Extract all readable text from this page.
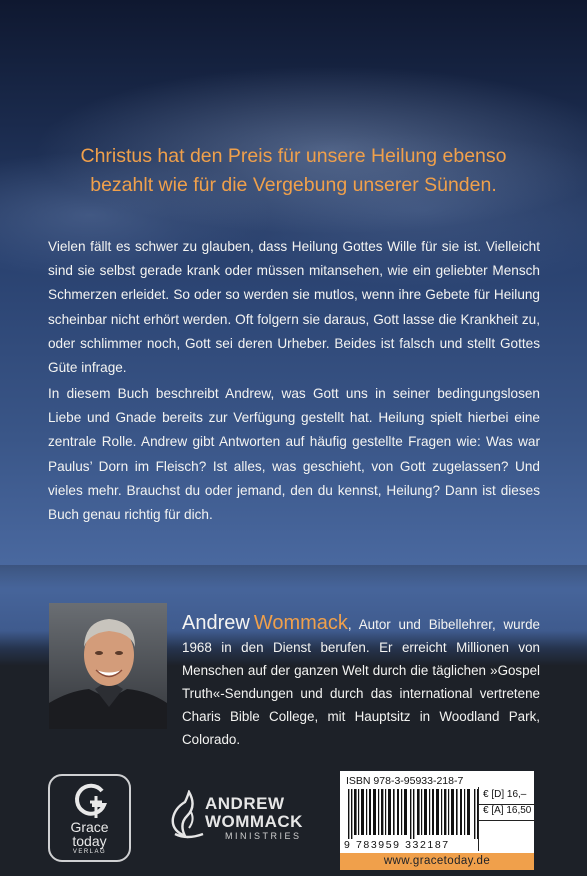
Christus hat den Preis für unsere Heilung ebenso
bezahlt wie für die Vergebung unserer Sünden.

Vielen fällt es schwer zu glauben, dass Heilung Gottes Wille für sie ist. Vielleicht sind sie selbst gerade krank oder müssen mitansehen, wie ein geliebter Mensch Schmerzen erleidet. So oder so werden sie mutlos, wenn ihre Gebete für Heilung scheinbar nicht erhört werden. Oft folgern sie daraus, Gott lasse die Krankheit zu, oder schlimmer noch, Gott sei deren Urheber. Beides ist falsch und stellt Gottes Güte infrage.

In diesem Buch beschreibt Andrew, was Gott uns in seiner bedingungslosen Liebe und Gnade bereits zur Verfügung gestellt hat. Heilung spielt hierbei eine zentrale Rolle. Andrew gibt Antworten auf häufig gestellte Fragen wie: Was war Paulus’ Dorn im Fleisch? Ist alles, was geschieht, von Gott zugelassen? Und vieles mehr. Brauchst du oder jemand, den du kennst, Heilung? Dann ist dieses Buch genau richtig für dich.

Andrew  Wommack, Autor und Bibellehrer, wurde 1968 in den Dienst berufen. Er erreicht Millionen von Menschen auf der ganzen Welt durch die täglichen »Gospel Truth«-Sendungen und durch das international vertretene Charis Bible College, mit Hauptsitz in Woodland Park, Colorado.

Grace
today
VERLAG
ANDREW
WOMMACK
MINISTRIES
ISBN 978-3-95933-218-7
9 783959 332187
€ [D] 16,–
€ [A] 16,50
www.gracetoday.de
